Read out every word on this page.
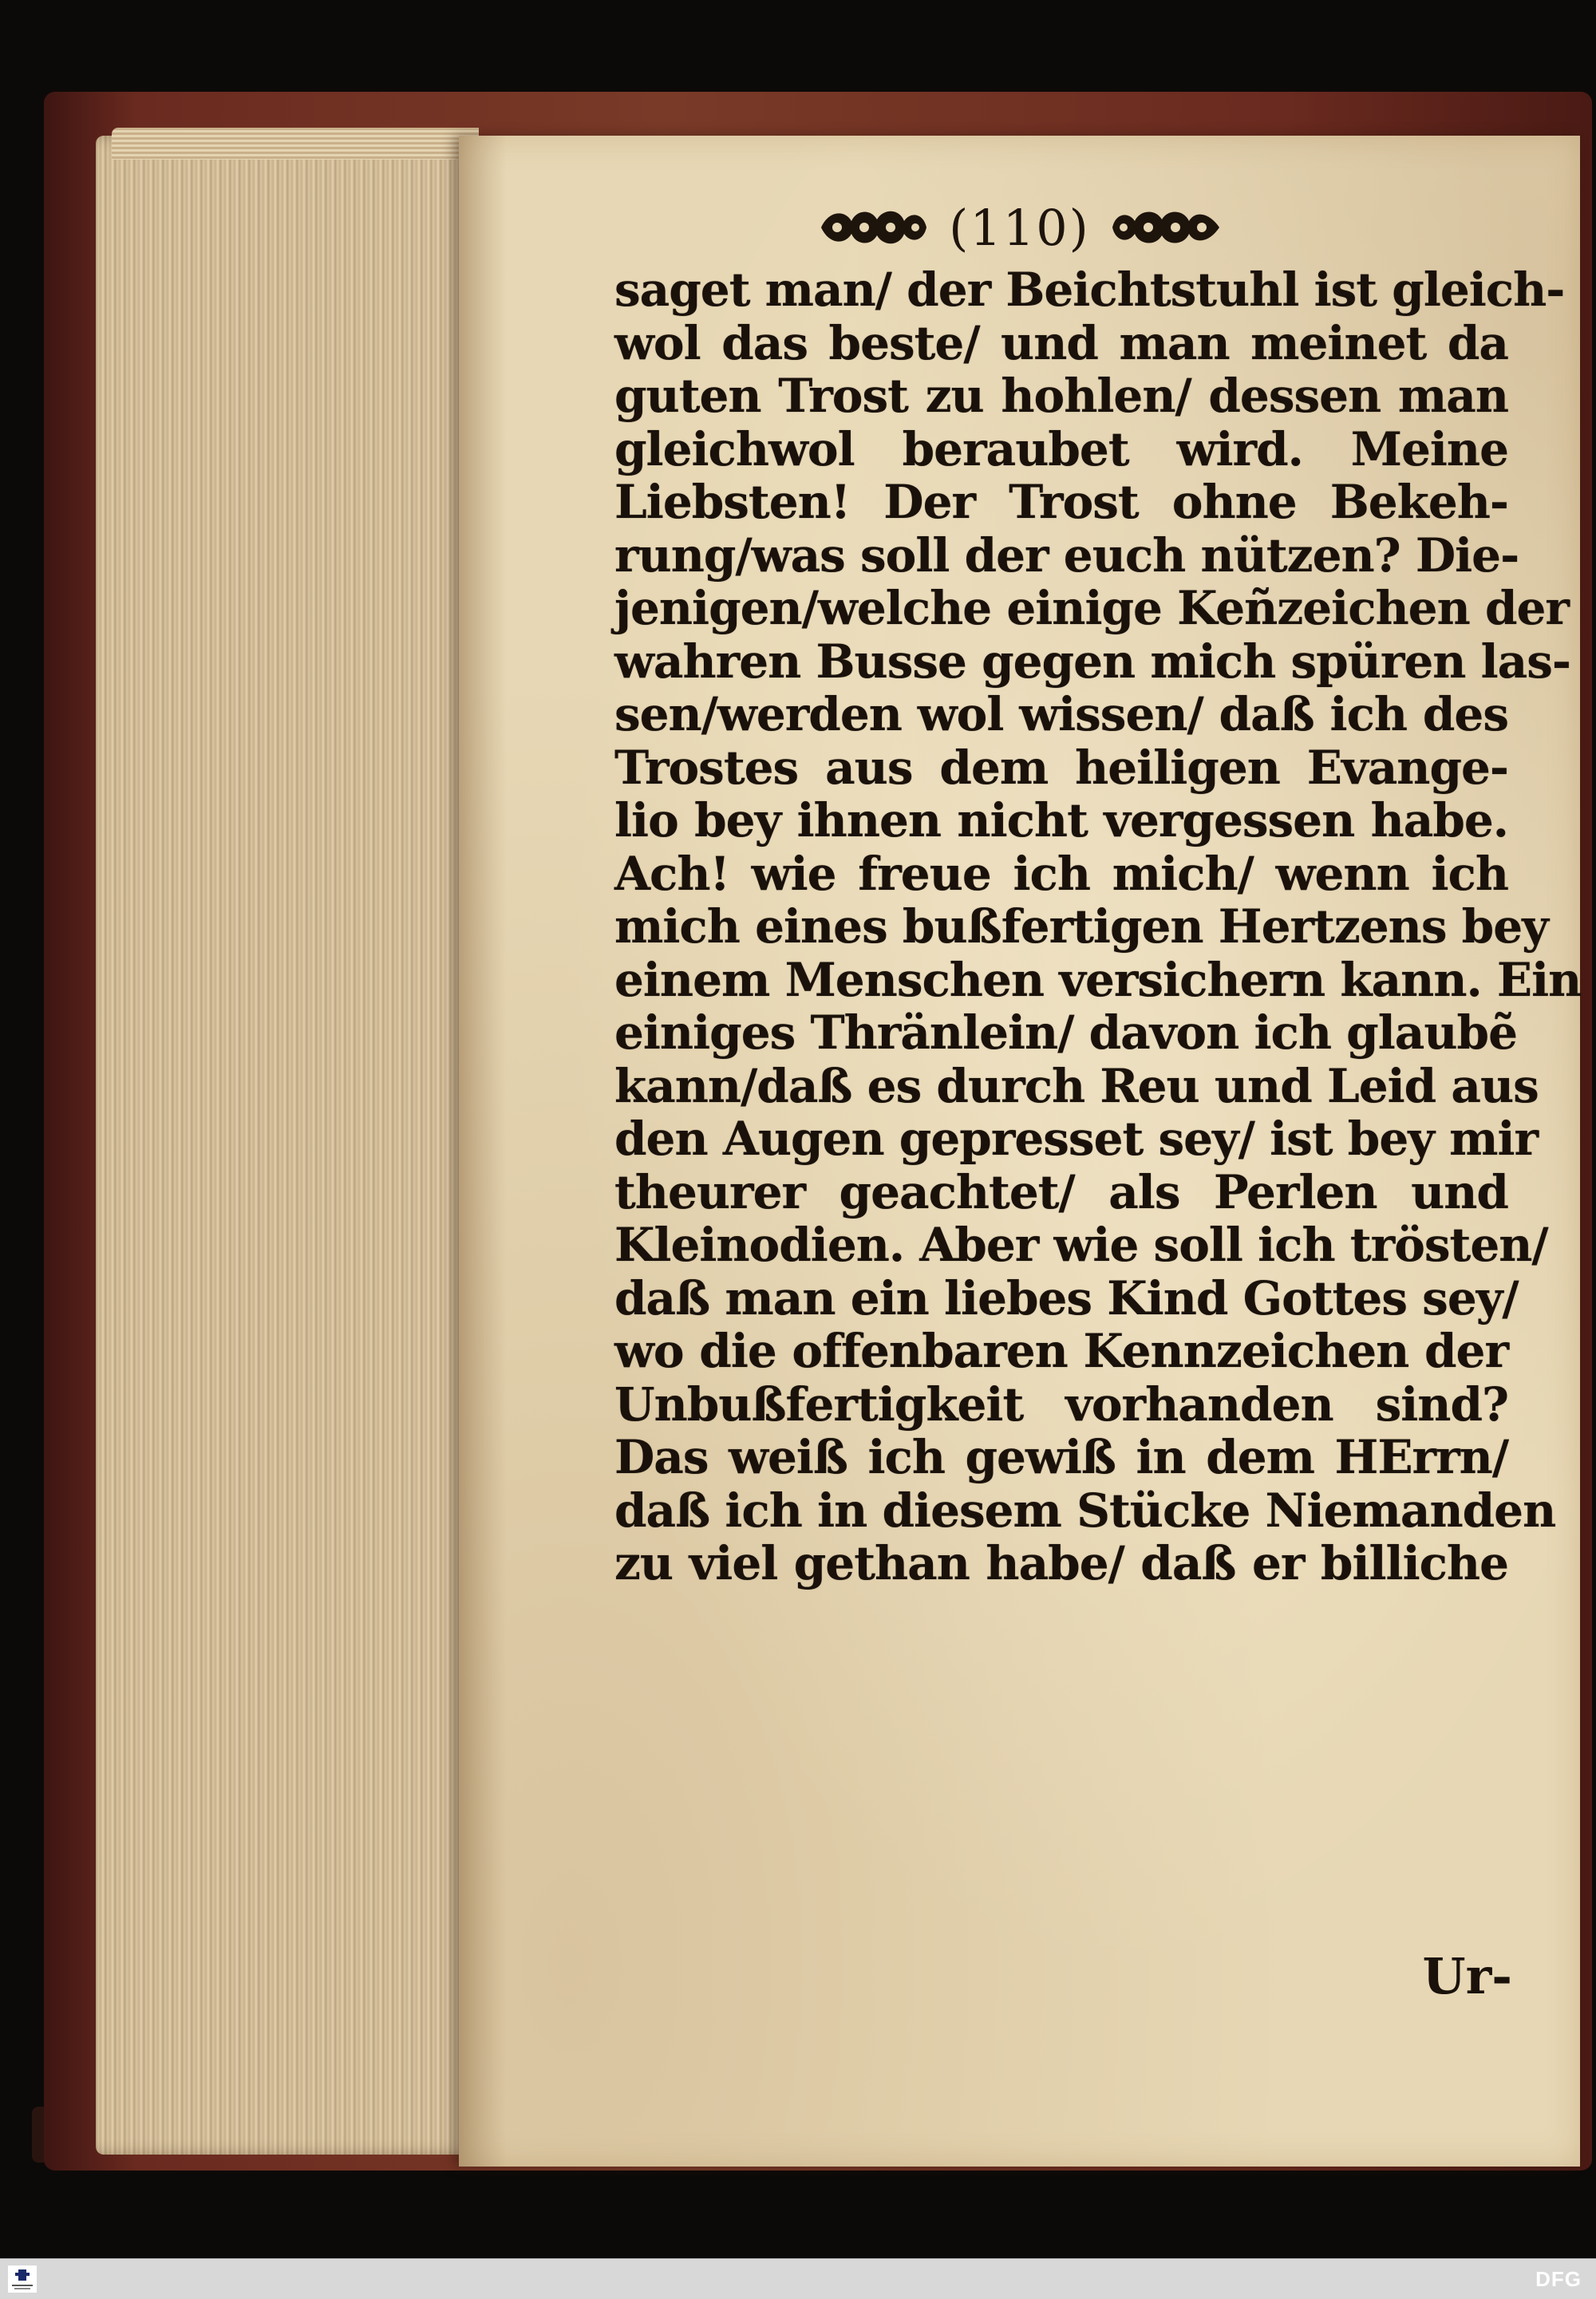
(110)
saget man/ der Beichtstuhl ist gleich-
wol das beste/ und man meinet da
guten Trost zu hohlen/ dessen man
gleichwol beraubet wird. Meine
Liebsten! Der Trost ohne Bekeh-
rung/was soll der euch nützen? Die-
jenigen/welche einige Keñzeichen der
wahren Busse gegen mich spüren las-
sen/werden wol wissen/ daß ich des
Trostes aus dem heiligen Evange-
lio bey ihnen nicht vergessen habe.
Ach! wie freue ich mich/ wenn ich
mich eines bußfertigen Hertzens bey
einem Menschen versichern kann. Ein
einiges Thränlein/ davon ich glaubẽ
kann/daß es durch Reu und Leid aus
den Augen gepresset sey/ ist bey mir
theurer geachtet/ als Perlen und
Kleinodien. Aber wie soll ich trösten/
daß man ein liebes Kind Gottes sey/
wo die offenbaren Kennzeichen der
Unbußfertigkeit vorhanden sind?
Das weiß ich gewiß in dem HErrn/
daß ich in diesem Stücke Niemanden
zu viel gethan habe/ daß er billiche
Ur-
DFG
